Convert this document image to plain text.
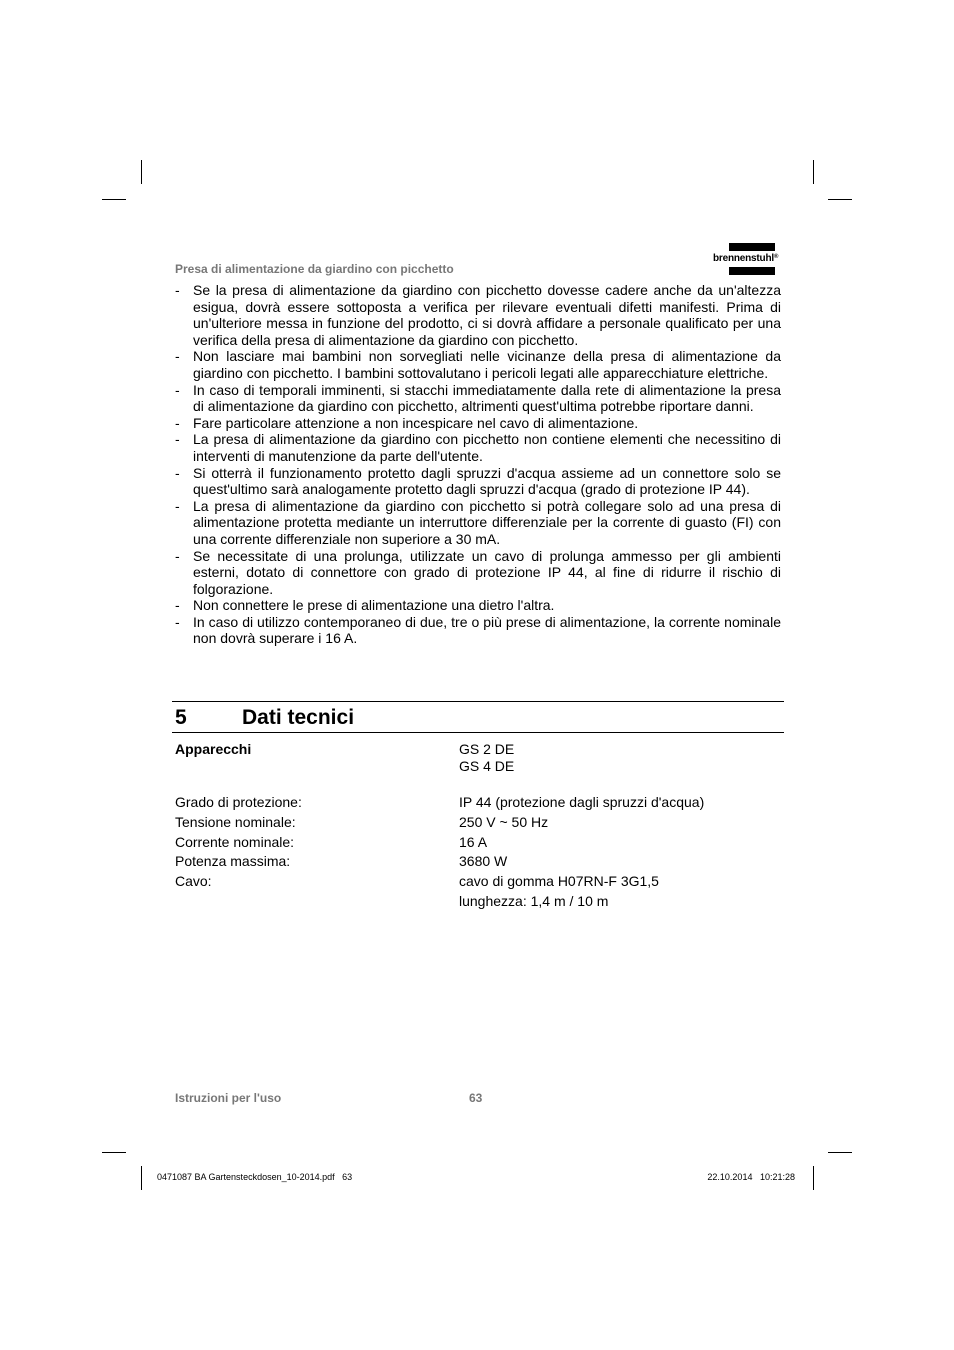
brennenstuhl®
Presa di alimentazione da giardino con picchetto
- Se la presa di alimentazione da giardino con picchetto dovesse cadere anche da un'altezza esigua, dovrà essere sottoposta a verifica per rilevare eventuali difetti manifesti. Prima di un'ulteriore messa in funzione del prodotto, ci si dovrà affidare a personale qualificato per una verifica della presa di alimentazione da giardino con picchetto.
- Non lasciare mai bambini non sorvegliati nelle vicinanze della presa di alimentazione da giardino con picchetto. I bambini sottovalutano i pericoli legati alle apparecchiature elettriche.
- In caso di temporali imminenti, si stacchi immediatamente dalla rete di alimentazione la presa di alimentazione da giardino con picchetto, altrimenti quest'ultima potrebbe riportare danni.
- Fare particolare attenzione a non incespicare nel cavo di alimentazione.
- La presa di alimentazione da giardino con picchetto non contiene elementi che necessitino di interventi di manutenzione da parte dell'utente.
- Si otterrà il funzionamento protetto dagli spruzzi d'acqua assieme ad un connettore solo se quest'ultimo sarà analogamente protetto dagli spruzzi d'acqua (grado di protezione IP 44).
- La presa di alimentazione da giardino con picchetto si potrà collegare solo ad una presa di alimentazione protetta mediante un interruttore differenziale per la corrente di guasto (FI) con una corrente differenziale non superiore a 30 mA.
- Se necessitate di una prolunga, utilizzate un cavo di prolunga ammesso per gli ambienti esterni, dotato di connettore con grado di protezione IP 44, al fine di ridurre il rischio di folgorazione.
- Non connettere le prese di alimentazione una dietro l'altra.
- In caso di utilizzo contemporaneo di due, tre o più prese di alimentazione, la corrente nominale non dovrà superare i 16 A.
5	Dati tecnici
Apparecchi	GS 2 DE
GS 4 DE
Grado di protezione:	IP 44 (protezione dagli spruzzi d'acqua)
Tensione nominale:	250 V ~ 50 Hz
Corrente nominale:	16 A
Potenza massima:	3680 W
Cavo:	cavo di gomma H07RN-F 3G1,5
lunghezza: 1,4 m / 10 m
Istruzioni per l'uso	63
0471087 BA Gartensteckdosen_10-2014.pdf   63	22.10.2014   10:21:28
